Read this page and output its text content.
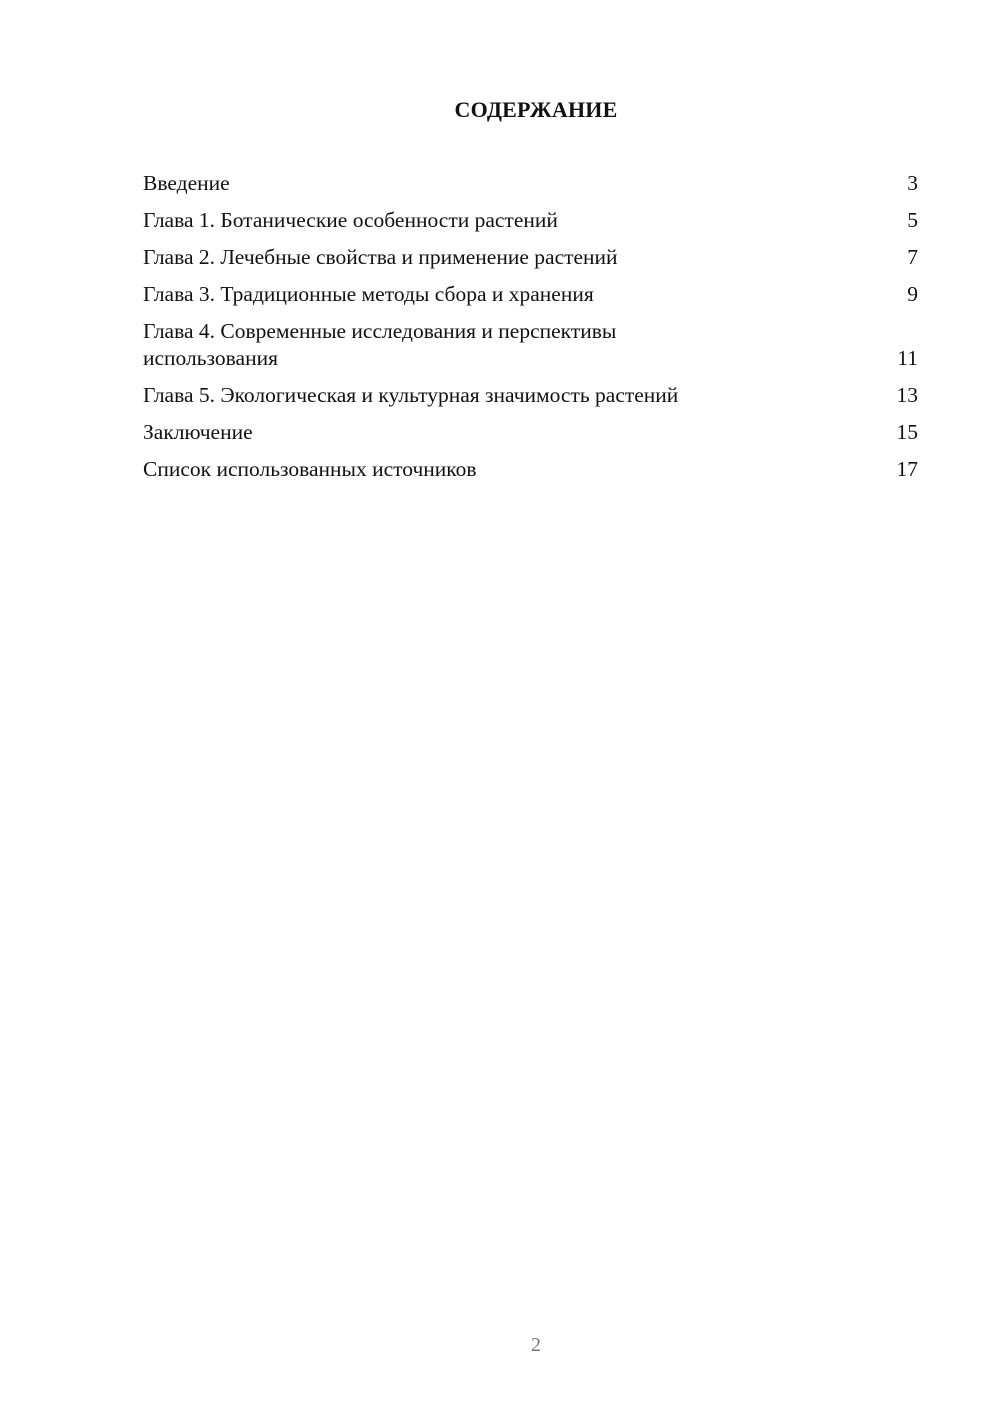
СОДЕРЖАНИЕ
Введение	3
Глава 1. Ботанические особенности растений	5
Глава 2. Лечебные свойства и применение растений	7
Глава 3. Традиционные методы сбора и хранения	9
Глава 4. Современные исследования и перспективы использования	11
Глава 5. Экологическая и культурная значимость растений	13
Заключение	15
Список использованных источников	17
2
